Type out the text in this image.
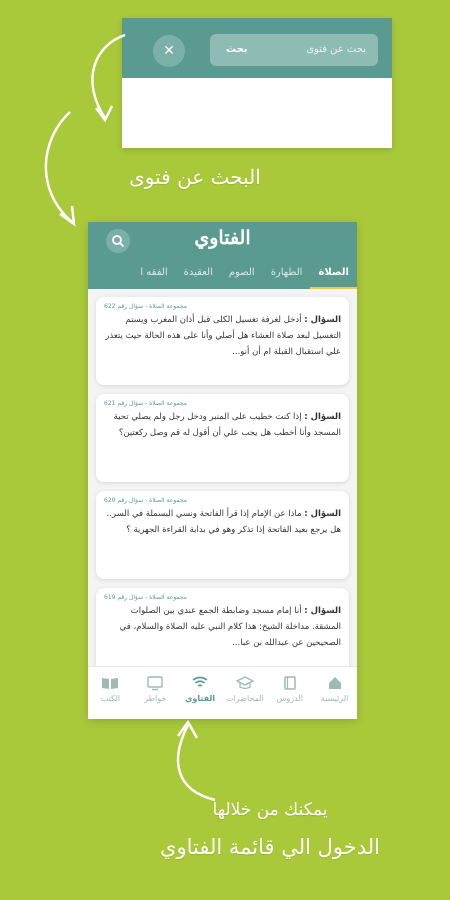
✕	بحث عن فتوى
بحث
البحث عن فتوى
يمكنك من خلالها
الدخول الي قائمة الفتاوي
الفتاوي
الصلاة
الطهارة
الصوم
العقيدة
الفقه ا
مجموعة الصلاة - سؤال رقم 622
السؤال : أدخل لغرفة تغسيل الكلى قبل أذان المغرب ويستم التغسيل لبعد صلاة العشاء هل أصلي وأنا على هذه الحالة حيث يتعذر علي استقبال القبلة ام أن أنو...
مجموعة الصلاة - سؤال رقم 621
السؤال : إذا كنت خطيب على المنبر ودخل رجل ولم يصلي تحية المسجد وأنا أخطب هل يجب علي أن أقول له قم وصل ركعتين؟
مجموعة الصلاة - سؤال رقم 620
السؤال : ماذا عن الإمام إذا قرأ الفاتحة ونسي البسملة في السر.. هل يرجع بعيد الفاتحة إذا تذكر وهو في بداية القراءة الجهرية ؟
مجموعة الصلاة - سؤال رقم 619
السؤال : أنا إمام مسجد وضابطة الجمع عندي بين الصلوات المشقة. مداخلة الشيخ: هذا كلام النبي عليه الصلاة والسلام، في الصحيحين عن عبدالله بن عبا...
الرئيسية
الدروس
المحاضرات
الفتاوي
خواطر
الكتب
